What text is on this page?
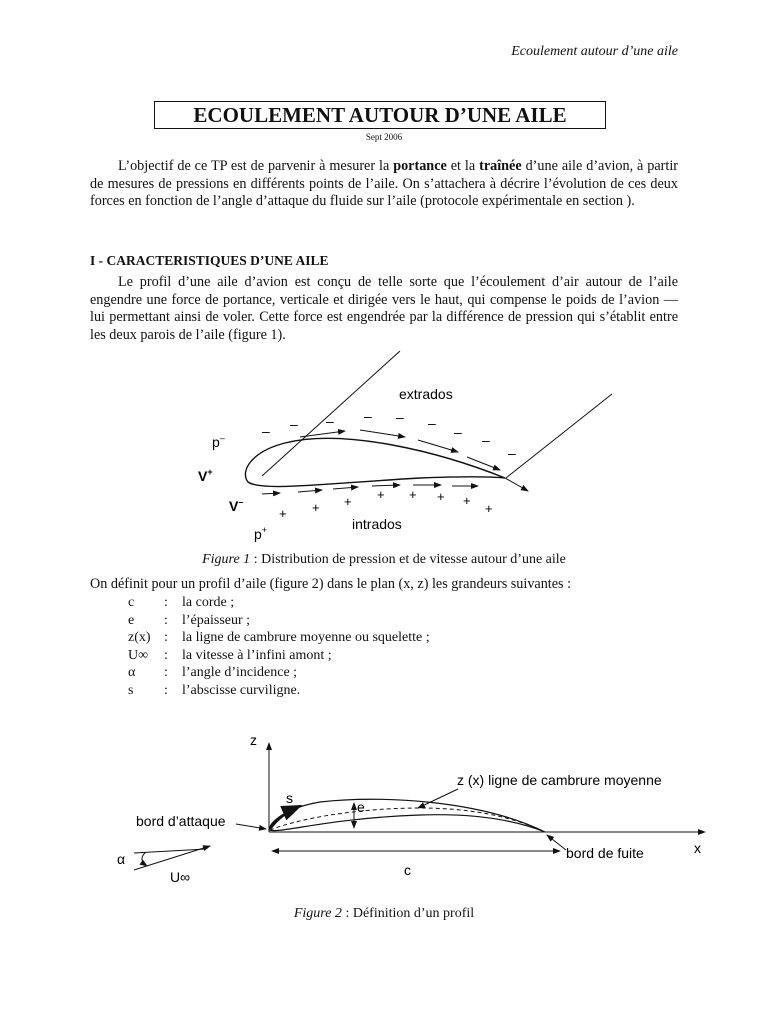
Ecoulement autour d’une aile
ECOULEMENT AUTOUR D’UNE AILE
Sept 2006

L’objectif de ce TP est de parvenir à mesurer la portance et la traînée d’une aile d’avion, à partir de mesures de pressions en différents points de l’aile. On s’attachera à décrire l’évolution de ces deux forces en fonction de l’angle d’attaque du fluide sur l’aile (protocole expérimentale en section ).

I - CARACTERISTIQUES D’UNE AILE

Le profil d’une aile d’avion est conçu de telle sorte que l’écoulement d’air autour de l’aile engendre une force de portance, verticale et dirigée vers le haut, qui compense le poids de l’avion — lui permettant ainsi de voler. Cette force est engendrée par la différence de pression qui s’établit entre les deux parois de l’aile (figure 1).

– – – – – –
– –
–
+ + + + + + +
+
extrados
intrados
p–
V+
V–
p+
Figure 1 : Distribution de pression et de vitesse autour d’une aile
On définit pour un profil d’aile (figure 2) dans le plan (x, z) les grandeurs suivantes :
c	:	la corde ;
e	:	l’épaisseur ;
z(x) :	la ligne de cambrure moyenne ou squelette ;
U∞	:	la vitesse à l’infini amont ;
α	:	l’angle d’incidence ;
s	:	l’abscisse curviligne.
z
x
s
e
z (x) ligne de cambrure moyenne
bord d’attaque
bord de fuite
c
α
U∞
Figure 2 : Définition d’un profil
